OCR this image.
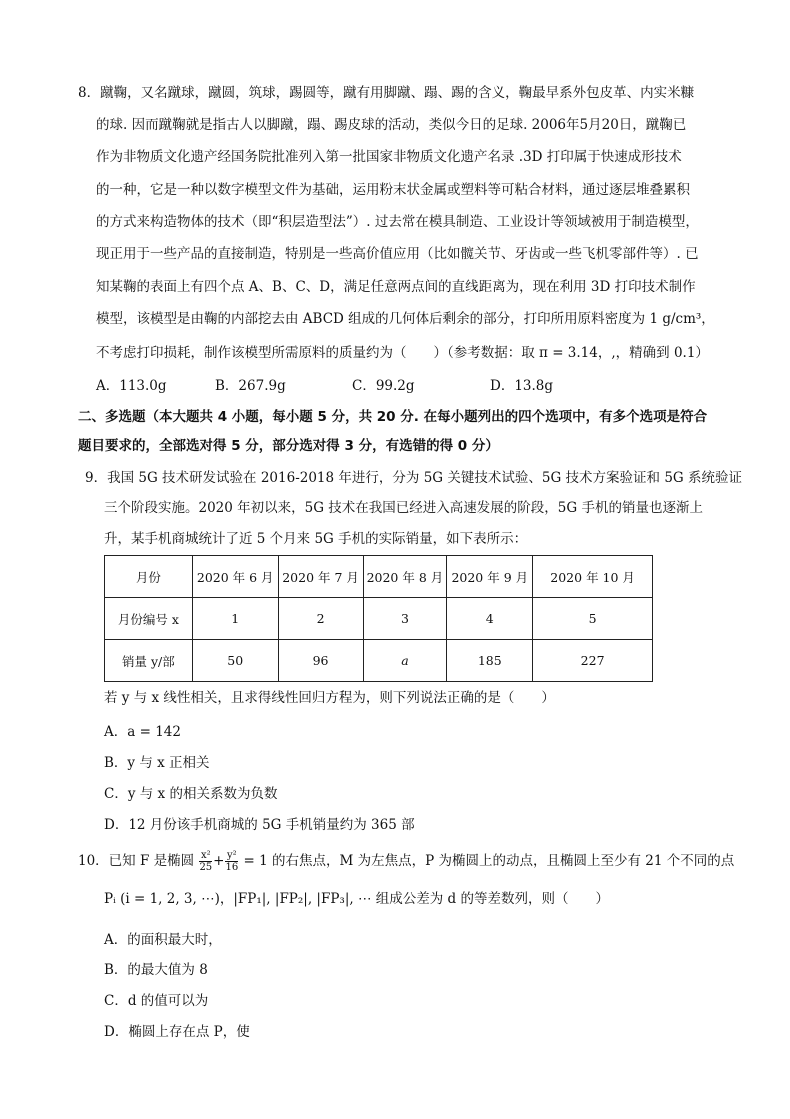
8．蹴鞠，又名蹴球，蹴圆，筑球，踢圆等，蹴有用脚蹴、蹋、踢的含义，鞠最早系外包皮革、内实米糠
的球. 因而蹴鞠就是指古人以脚蹴，蹋、踢皮球的活动，类似今日的足球. 2006年5月20日，蹴鞠已
作为非物质文化遗产经国务院批准列入第一批国家非物质文化遗产名录 .3D 打印属于快速成形技术
的一种，它是一种以数字模型文件为基础，运用粉末状金属或塑料等可粘合材料，通过逐层堆叠累积
的方式来构造物体的技术（即“积层造型法”）. 过去常在模具制造、工业设计等领域被用于制造模型，
现正用于一些产品的直接制造，特别是一些高价值应用（比如髋关节、牙齿或一些飞机零部件等）. 已
知某鞠的表面上有四个点 A、B、C、D，满足任意两点间的直线距离为，现在利用 3D 打印技术制作
模型，该模型是由鞠的内部挖去由 ABCD 组成的几何体后剩余的部分，打印所用原料密度为 1 g/cm³，
不考虑打印损耗，制作该模型所需原料的质量约为（　　）（参考数据：取 π = 3.14，,，精确到 0.1）
A．113.0g	B．267.9g	C．99.2g	D．13.8g
二、多选题（本大题共 4 小题，每小题 5 分，共 20 分. 在每小题列出的四个选项中，有多个选项是符合
题目要求的，全部选对得 5 分，部分选对得 3 分，有选错的得 0 分）
9．我国 5G 技术研发试验在 2016-2018 年进行，分为 5G 关键技术试验、5G 技术方案验证和 5G 系统验证
三个阶段实施。2020 年初以来，5G 技术在我国已经进入高速发展的阶段，5G 手机的销量也逐渐上
升，某手机商城统计了近 5 个月来 5G 手机的实际销量，如下表所示：
月份	2020 年 6 月	2020 年 7 月	2020 年 8 月	2020 年 9 月	2020 年 10 月
月份编号 x	1	2	3	4	5
销量 y/部	50	96	a	185	227
若 y 与 x 线性相关，且求得线性回归方程为，则下列说法正确的是（　　）
A．a = 142
B．y 与 x 正相关
C．y 与 x 的相关系数为负数
D．12 月份该手机商城的 5G 手机销量约为 365 部
10．已知 F 是椭圆 $\frac{\text{x²}}{25} + \frac{\text{y²}}{16} = 1$ 的右焦点，M 为左焦点，P 为椭圆上的动点，且椭圆上至少有 21 个不同的点
Pᵢ (i = 1, 2, 3, ⋯)，|FP₁|, |FP₂|, |FP₃|, ⋯ 组成公差为 d 的等差数列，则（　　）
A．的面积最大时，
B．的最大值为 8
C．d 的值可以为
D．椭圆上存在点 P，使
